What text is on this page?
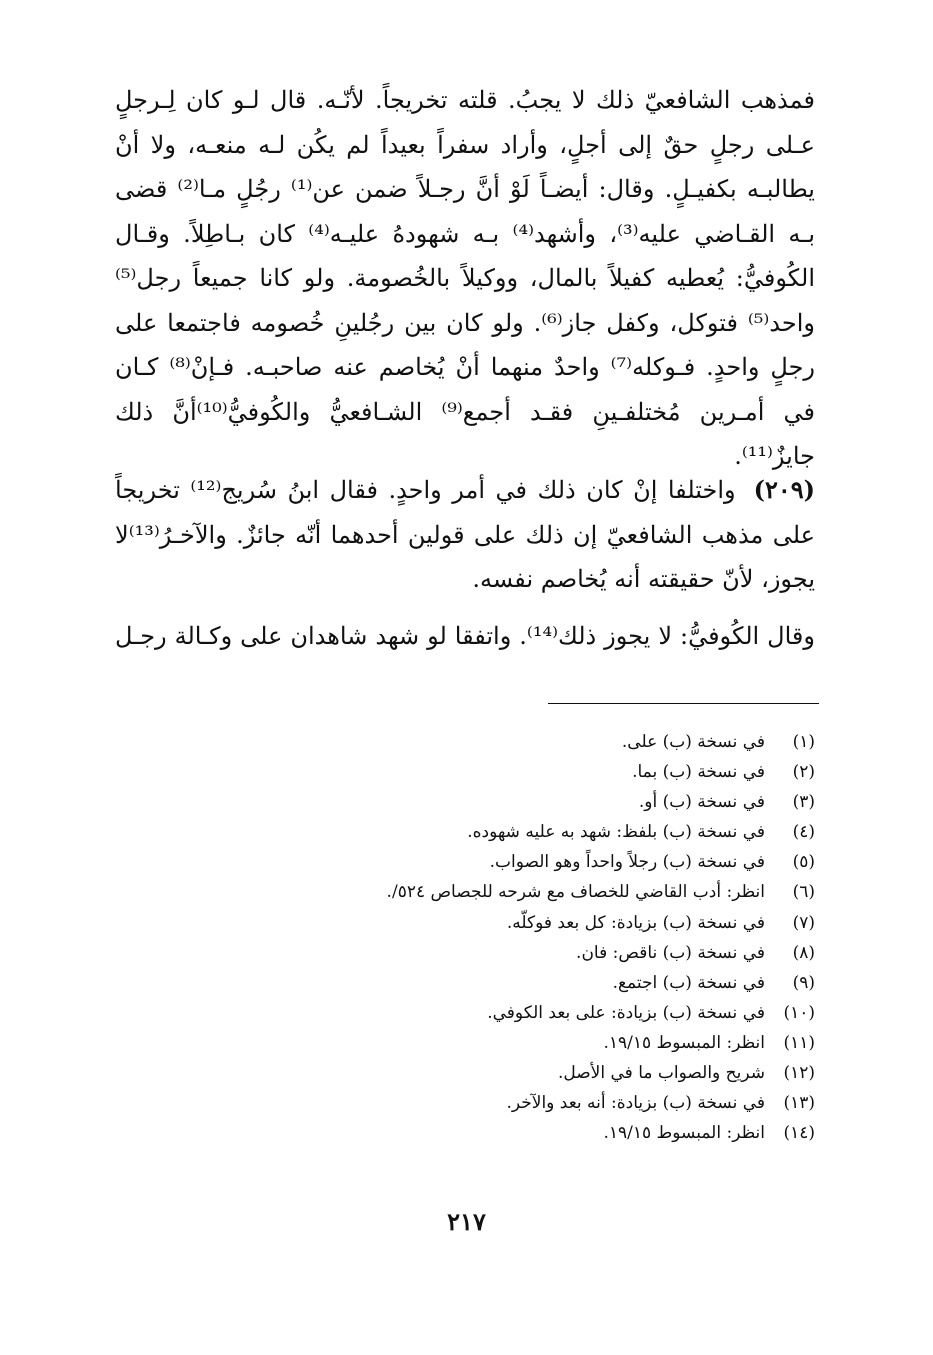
فمذهب الشافعيّ ذلك لا يجبُ. قلته تخريجاً. لأنّـه. قال لـو كان لِـرجلٍ عـلى رجلٍ حقٌ إلى أجلٍ، وأراد سفراً بعيداً لم يكُن لـه منعـه، ولا أنْ يطالبـه بكفيـلٍ. وقال: أيضـاً لَوْ أنَّ رجـلاً ضمن عن⁽¹⁾ رجُلٍ مـا⁽²⁾ قضى بـه القـاضي عليه⁽³⁾، وأشهد⁽⁴⁾ بـه شهودهُ عليـه⁽⁴⁾ كان بـاطِلاً. وقـال الكُوفيُّ: يُعطيه كفيلاً بالمال، ووكيلاً بالخُصومة. ولو كانا جميعاً رجل⁽⁵⁾ واحد⁽⁵⁾ فتوكل، وكفل جاز⁽⁶⁾. ولو كان بين رجُلينِ خُصومه فاجتمعا على رجلٍ واحدٍ. فـوكله⁽⁷⁾ واحدٌ منهما أنْ يُخاصم عنه صاحبـه. فـإنْ⁽⁸⁾ كـان في أمـرين مُختلفـينِ فقـد أجمع⁽⁹⁾ الشـافعيُّ والكُوفيُّ⁽¹⁰⁾أنَّ ذلك جايزٌ⁽¹¹⁾.

(٢٠٩)واختلفا إنْ كان ذلك في أمر واحدٍ. فقال ابنُ سُريج⁽¹²⁾ تخريجاً على مذهب الشافعيّ إن ذلك على قولين أحدهما أنّه جائزٌ. والآخـرُ⁽¹³⁾لا يجوز، لأنّ حقيقته أنه يُخاصم نفسه.

وقال الكُوفيُّ: لا يجوز ذلك⁽¹⁴⁾. واتفقا لو شهد شاهدان على وكـالة رجـل

(١)في نسخة (ب) على.
(٢)في نسخة (ب) بما.
(٣)في نسخة (ب) أو.
(٤)في نسخة (ب) بلفظ: شهد به عليه شهوده.
(٥)في نسخة (ب) رجلاً واحداً وهو الصواب.
(٦)انظر: أدب القاضي للخصاف مع شرحه للجصاص ٥٢٤/.
(٧)في نسخة (ب) بزيادة: كل بعد فوكلّه.
(٨)في نسخة (ب) ناقص: فان.
(٩)في نسخة (ب) اجتمع.
(١٠)في نسخة (ب) بزيادة: على بعد الكوفي.
(١١)انظر: المبسوط ١٩/١٥.
(١٢)شريح والصواب ما في الأصل.
(١٣)في نسخة (ب) بزيادة: أنه بعد والآخر.
(١٤)انظر: المبسوط ١٩/١٥.
٢١٧
